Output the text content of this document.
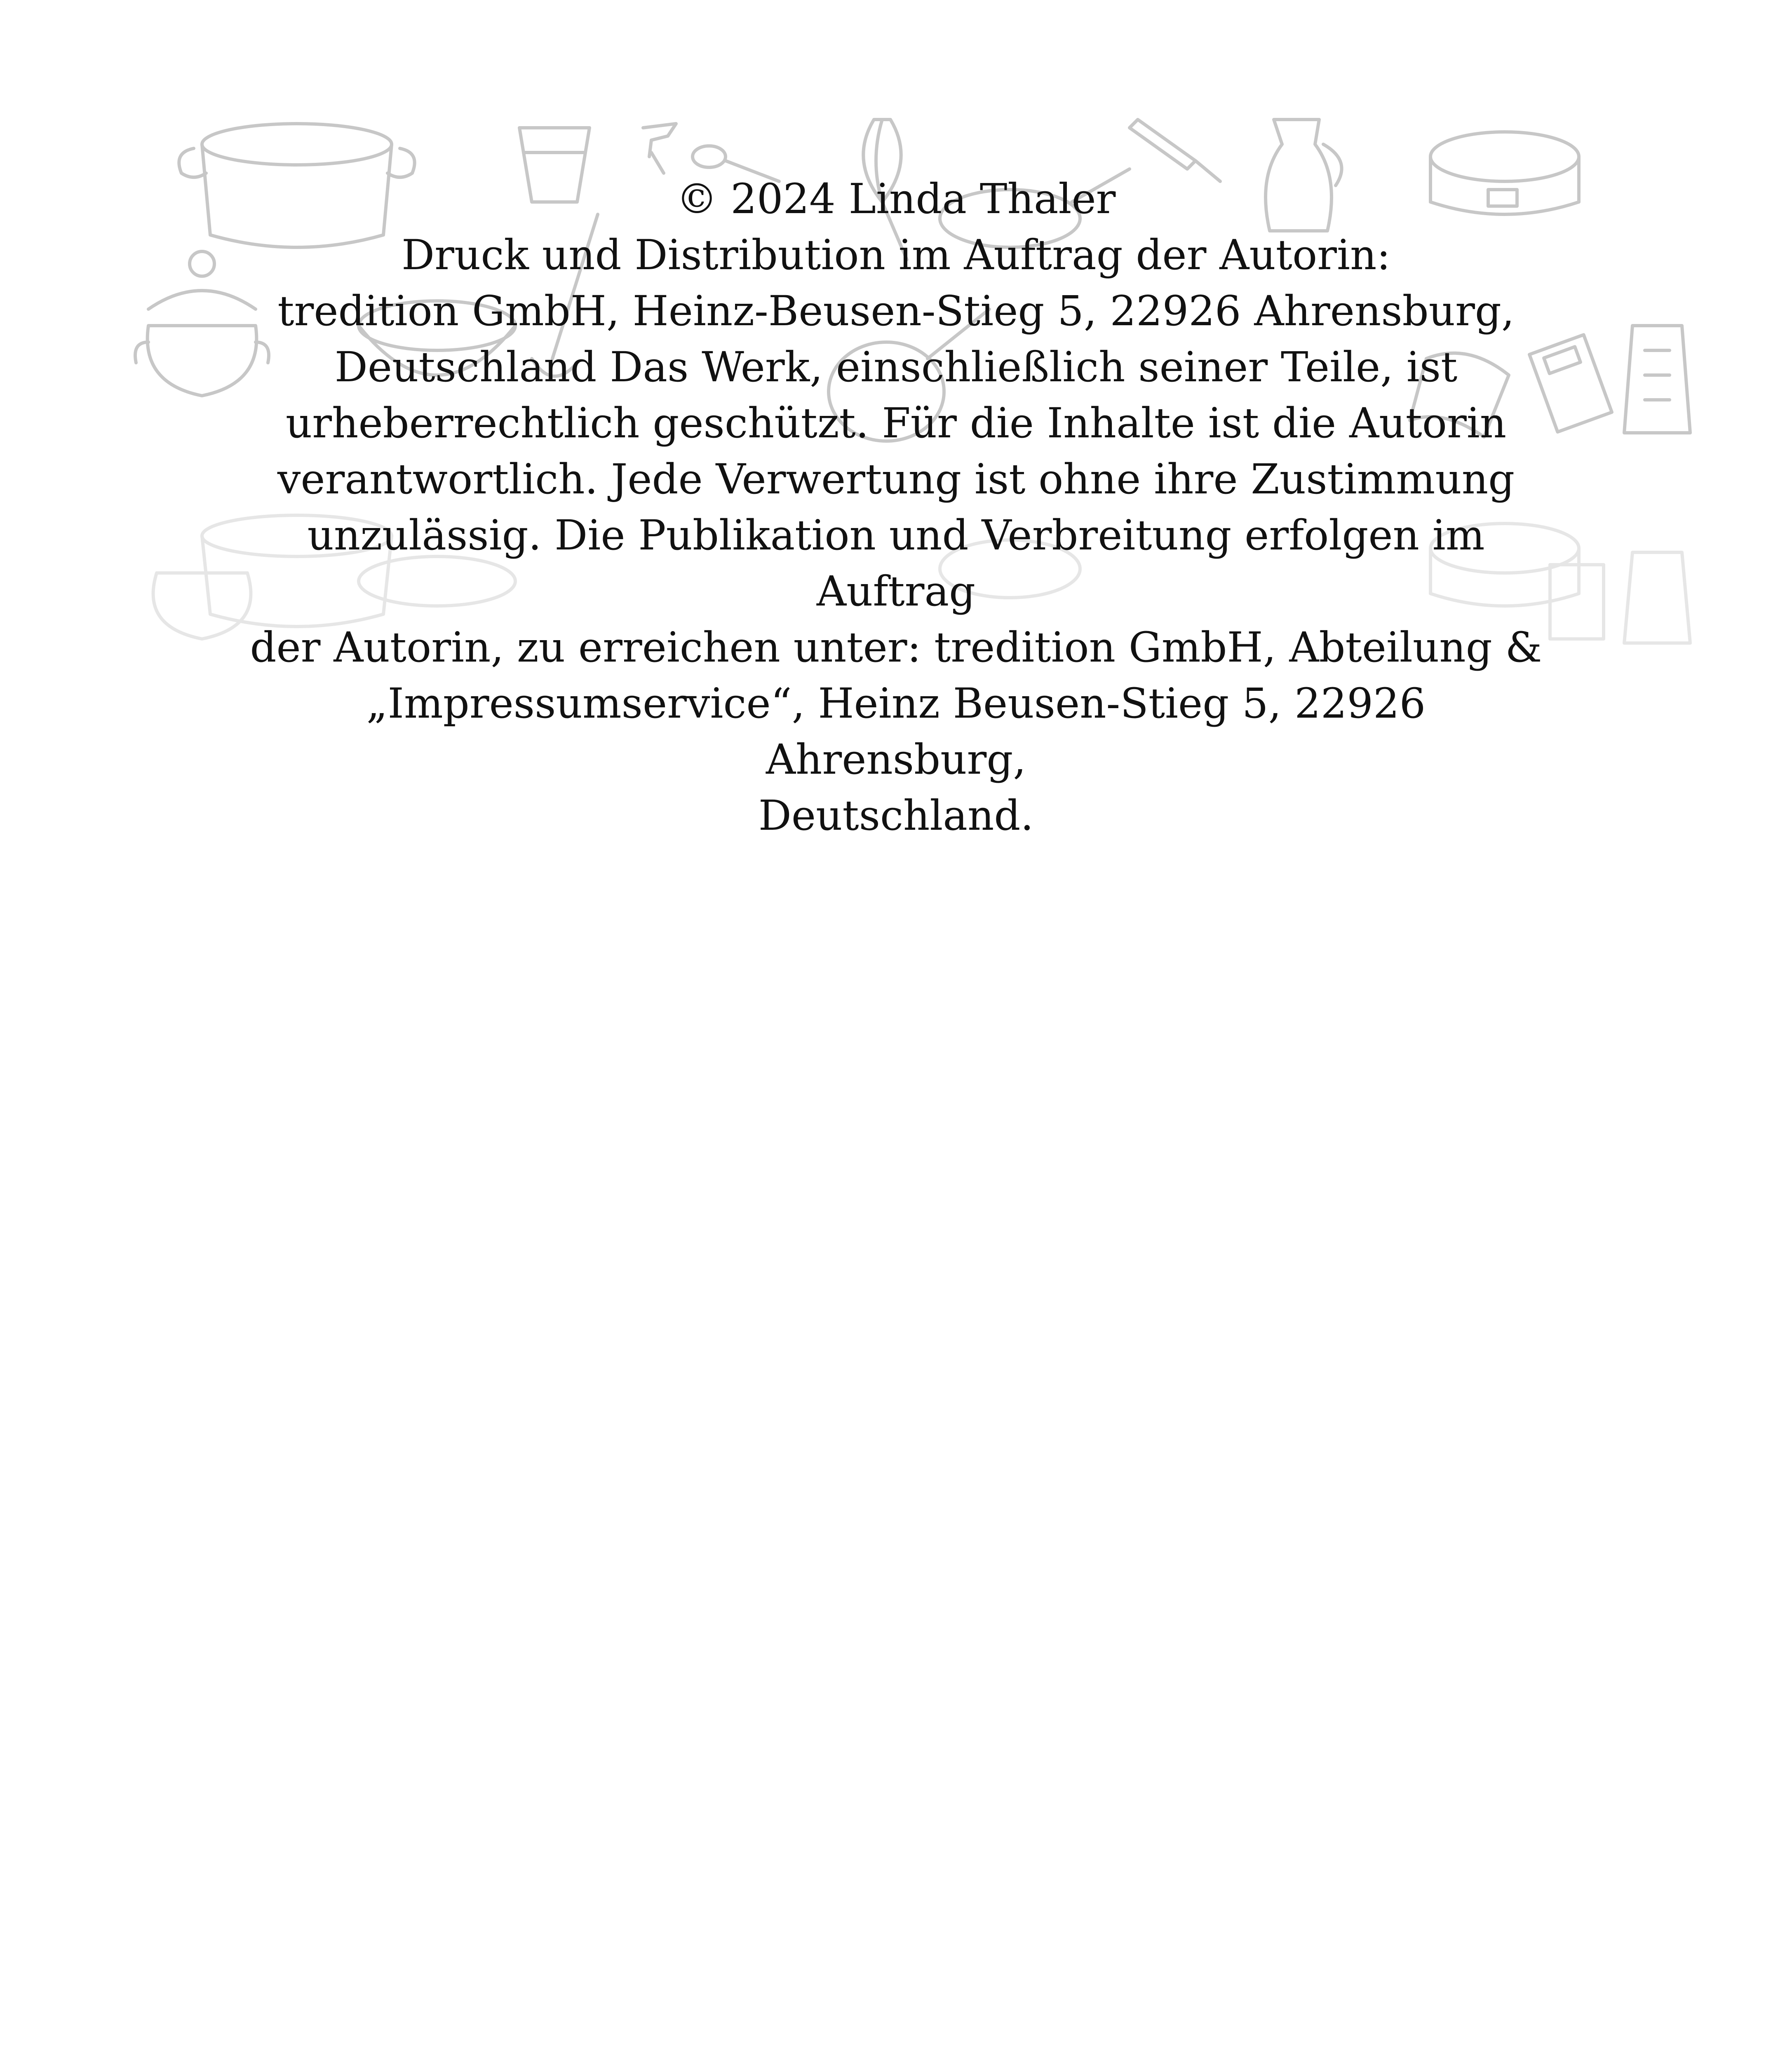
© 2024 Linda Thaler

Druck und Distribution im Auftrag der Autorin:

tredition GmbH, Heinz-Beusen-Stieg 5, 22926 Ahrensburg,

Deutschland Das Werk, einschließlich seiner Teile, ist

urheberrechtlich geschützt. Für die Inhalte ist die Autorin

verantwortlich. Jede Verwertung ist ohne ihre Zustimmung

unzulässig. Die Publikation und Verbreitung erfolgen im Auftrag

der Autorin, zu erreichen unter: tredition GmbH, Abteilung &

„Impressumservice“, Heinz Beusen-Stieg 5, 22926 Ahrensburg,

Deutschland.
